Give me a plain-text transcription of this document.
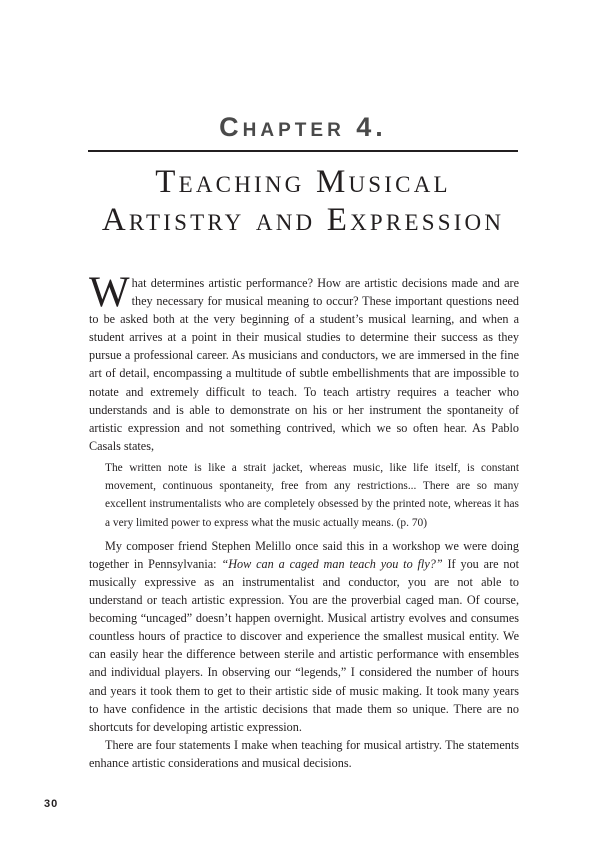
Chapter 4.
Teaching Musical
Artistry and Expression

What determines artistic performance? How are artistic decisions made and are they necessary for musical meaning to occur? These important questions need to be asked both at the very beginning of a student’s musical learning, and when a student arrives at a point in their musical studies to determine their success as they pursue a professional career. As musicians and conductors, we are immersed in the fine art of detail, encompassing a multitude of subtle embellishments that are impossible to notate and extremely difficult to teach. To teach artistry requires a teacher who understands and is able to demonstrate on his or her instrument the spontaneity of artistic expression and not something contrived, which we so often hear. As Pablo Casals states,

The written note is like a strait jacket, whereas music, like life itself, is constant movement, continuous spontaneity, free from any restrictions... There are so many excellent instrumentalists who are completely obsessed by the printed note, whereas it has a very limited power to express what the music actually means. (p. 70)

My composer friend Stephen Melillo once said this in a workshop we were doing together in Pennsylvania: “How can a caged man teach you to fly?” If you are not musically expressive as an instrumentalist and conductor, you are not able to understand or teach artistic expression. You are the proverbial caged man. Of course, becoming “uncaged” doesn’t happen overnight. Musical artistry evolves and consumes countless hours of practice to discover and experience the smallest musical entity. We can easily hear the difference between sterile and artistic performance with ensembles and individual players. In observing our “legends,” I considered the number of hours and years it took them to get to their artistic side of music making. It took many years to have confidence in the artistic decisions that made them so unique. There are no shortcuts for developing artistic expression.

There are four statements I make when teaching for musical artistry. The statements enhance artistic considerations and musical decisions.

30
